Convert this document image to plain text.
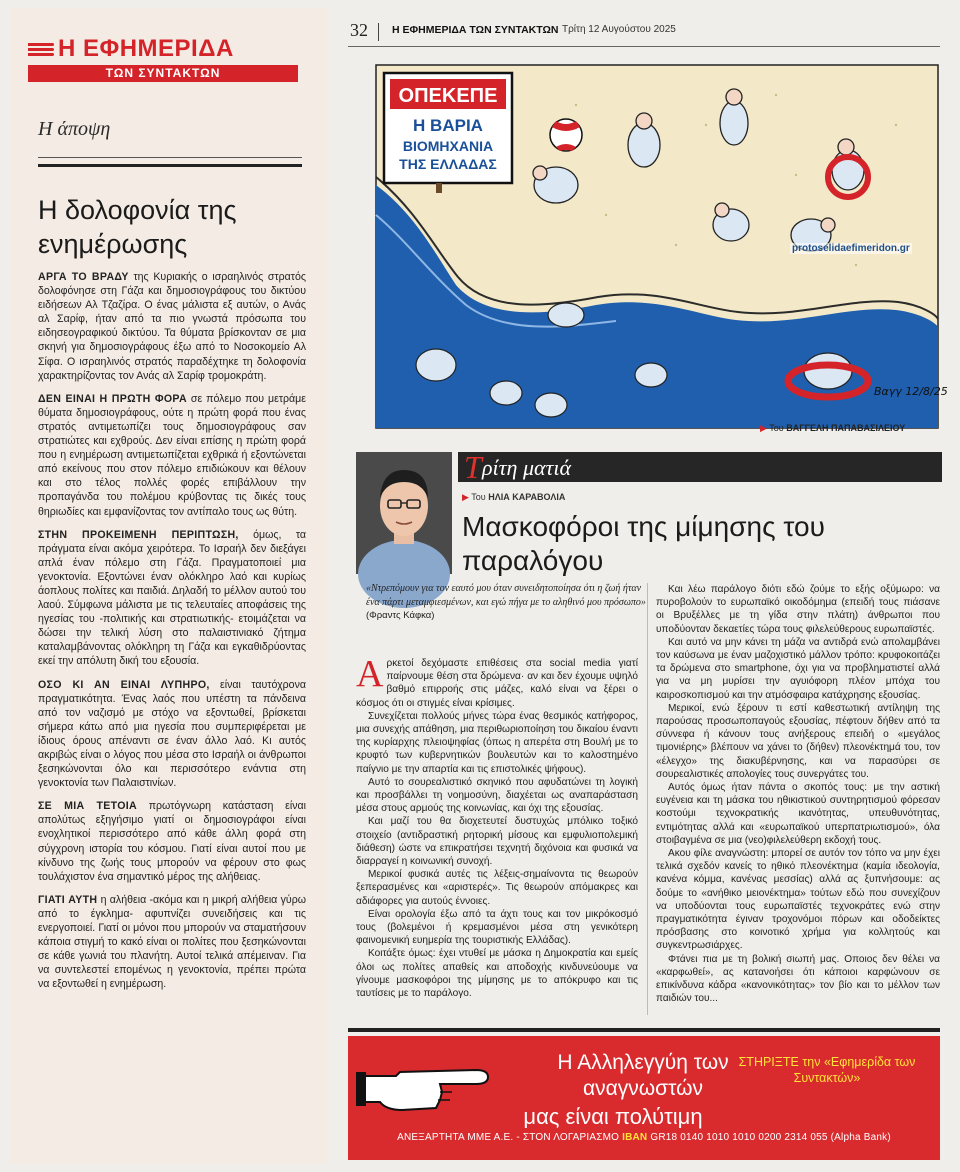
Η ΕΦΗΜΕΡΙΔΑ
ΤΩΝ ΣΥΝΤΑΚΤΩΝ
Η άποψη
Η δολοφονία της ενημέρωσης

ΑΡΓΑ ΤΟ ΒΡΑΔΥ της Κυριακής ο ισραηλινός στρατός δολοφόνησε στη Γάζα και δημοσιογράφους του δικτύου ειδήσεων Αλ Τζαζίρα. Ο ένας μάλιστα εξ αυτών, ο Ανάς αλ Σαρίφ, ήταν από τα πιο γνωστά πρόσωπα του ειδησεογραφικού δικτύου. Τα θύματα βρίσκονταν σε μια σκηνή για δημοσιογράφους έξω από το Νοσοκομείο Αλ Σίφα. Ο ισραηλινός στρατός παραδέχτηκε τη δολοφονία χαρακτηρίζοντας τον Ανάς αλ Σαρίφ τρομοκράτη.

ΔΕΝ ΕΙΝΑΙ Η ΠΡΩΤΗ ΦΟΡΑ σε πόλεμο που μετράμε θύματα δημοσιογράφους, ούτε η πρώτη φορά που ένας στρατός αντιμετωπίζει τους δημοσιογράφους σαν στρατιώτες και εχθρούς. Δεν είναι επίσης η πρώτη φορά που η ενημέρωση αντιμετωπίζεται εχθρικά ή εξοντώνεται από εκείνους που στον πόλεμο επιδιώκουν και θέλουν και στο τέλος πολλές φορές επιβάλλουν την προπαγάνδα του πολέμου κρύβοντας τις δικές τους θηριωδίες και εμφανίζοντας τον αντίπαλο τους ως θύτη.

ΣΤΗΝ ΠΡΟΚΕΙΜΕΝΗ ΠΕΡΙΠΤΩΣΗ, όμως, τα πράγματα είναι ακόμα χειρότερα. Το Ισραήλ δεν διεξάγει απλά έναν πόλεμο στη Γάζα. Πραγματοποιεί μια γενοκτονία. Εξοντώνει έναν ολόκληρο λαό και κυρίως άοπλους πολίτες και παιδιά. Δηλαδή το μέλλον αυτού του λαού. Σύμφωνα μάλιστα με τις τελευταίες αποφάσεις της ηγεσίας του -πολιτικής και στρατιωτικής- ετοιμάζεται να δώσει την τελική λύση στο παλαιστινιακό ζήτημα καταλαμβάνοντας ολόκληρη τη Γάζα και εγκαθιδρύοντας εκεί την απόλυτη δική του εξουσία.

ΟΣΟ ΚΙ ΑΝ ΕΙΝΑΙ ΛΥΠΗΡΟ, είναι ταυτόχρονα πραγματικότητα. Ένας λαός που υπέστη τα πάνδεινα από τον ναζισμό με στόχο να εξοντωθεί, βρίσκεται σήμερα κάτω από μια ηγεσία που συμπεριφέρεται με ίδιους όρους απέναντι σε έναν άλλο λαό. Κι αυτός ακριβώς είναι ο λόγος που μέσα στο Ισραήλ οι άνθρωποι ξεσηκώνονται όλο και περισσότερο ενάντια στη γενοκτονία των Παλαιστινίων.

ΣΕ ΜΙΑ ΤΕΤΟΙΑ πρωτόγνωρη κατάσταση είναι απολύτως εξηγήσιμο γιατί οι δημοσιογράφοι είναι ενοχλητικοί περισσότερο από κάθε άλλη φορά στη σύγχρονη ιστορία του κόσμου. Γιατί είναι αυτοί που με κίνδυνο της ζωής τους μπορούν να φέρουν στο φως τουλάχιστον ένα σημαντικό μέρος της αλήθειας.

ΓΙΑΤΙ ΑΥΤΗ η αλήθεια -ακόμα και η μικρή αλήθεια γύρω από το έγκλημα- αφυπνίζει συνειδήσεις και τις ενεργοποιεί. Γιατί οι μόνοι που μπορούν να σταματήσουν κάποια στιγμή το κακό είναι οι πολίτες που ξεσηκώνονται σε κάθε γωνιά του πλανήτη. Αυτοί τελικά απέμειναν. Για να συντελεστεί επομένως η γενοκτονία, πρέπει πρώτα να εξοντωθεί η ενημέρωση.

32 Η ΕΦΗΜΕΡΙΔΑ ΤΩΝ ΣΥΝΤΑΚΤΩΝ Τρίτη 12 Αυγούστου 2025
ΟΠΕΚΕΠΕ
Η ΒΑΡΙΑ
ΒΙΟΜΗΧΑΝΙΑ
ΤΗΣ ΕΛΛΑΔΑΣ
Βαγγ 12/8/25
protoselidaefimeridon.gr
▶ Του ΒΑΓΓΕΛΗ ΠΑΠΑΒΑΣΙΛΕΙΟΥ
Τ ρίτη ματιά
▶ Του ΗΛΙΑ ΚΑΡΑΒΟΛΙΑ
Μασκοφόροι της μίμησης του παραλόγου
«Ντρεπόμουν για τον εαυτό μου όταν συνειδητοποίησα ότι η ζωή ήταν ένα πάρτι μεταμφιεσμένων, και εγώ πήγα με το αληθινό μου πρόσωπο»
(Φραντς Κάφκα)

Αρκετοί δεχόμαστε επιθέσεις στα social media γιατί παίρνουμε θέση στα δρώμενα· αν και δεν έχουμε υψηλό βαθμό επιρροής στις μάζες, καλό είναι να ξέρει ο κόσμος ότι οι στιγμές είναι κρίσιμες.

Συνεχίζεται πολλούς μήνες τώρα ένας θεσμικός κατήφορος, μια συνεχής απάθηση, μια περιθωριοποίηση του δικαίου έναντι της κυρίαρχης πλειοψηφίας (όπως η απερέτα στη Βουλή με το κρυφτό των κυβερνητικών βουλευτών και το καλοστημένο παίγνιο με την απαρτία και τις επιστολικές ψήφους).

Αυτό το σουρεαλιστικό σκηνικό που αφυδατώνει τη λογική και προσβάλλει τη νοημοσύνη, διαχέεται ως αναπαράσταση μέσα στους αρμούς της κοινωνίας, και όχι της εξουσίας.

Και μαζί του θα διοχετευτεί δυστυχώς μπόλικο τοξικό στοιχείο (αντιδραστική ρητορική μίσους και εμφυλιοπολεμική διάθεση) ώστε να επικρατήσει τεχνητή διχόνοια και φυσικά να διαρραγεί η κοινωνική συνοχή.

Μερικοί φυσικά αυτές τις λέξεις-σημαίνοντα τις θεωρούν ξεπερασμένες και «αριστερές». Τις θεωρούν απόμακρες και αδιάφορες για αυτούς έννοιες.

Είναι ορολογία έξω από τα άχτι τους και τον μικρόκοσμό τους (βολεμένοι ή κρεμασμένοι μέσα στη γενικότερη φαινομενική ευημερία της τουριστικής Ελλάδας).

Κοιτάξτε όμως: έχει ντυθεί με μάσκα η Δημοκρατία και εμείς όλοι ως πολίτες απαθείς και αποδοχής κινδυνεύουμε να γίνουμε μασκοφόροι της μίμησης με το απόκρυφο και τις ταυτίσεις με το παράλογο.

Και λέω παράλογο διότι εδώ ζούμε το εξής οξύμωρο: να πυροβολούν το ευρωπαϊκό οικοδόμημα (επειδή τους πιάσανε οι Βρυξέλλες με τη γίδα στην πλάτη) άνθρωποι που υποδύονταν δεκαετίες τώρα τους φιλελεύθερους ευρωπαϊστές.

Και αυτό να μην κάνει τη μάζα να αντιδρά ενώ απολαμβάνει τον καύσωνα με έναν μαζοχιστικό μάλλον τρόπο: κρυφοκοιτάζει τα δρώμενα στο smartphone, όχι για να προβληματιστεί αλλά για να μη μυρίσει την αγυιόφορη πλέον μπόχα του καιροσκοπισμού και την ατμόσφαιρα κατάχρησης εξουσίας.

Μερικοί, ενώ ξέρουν τι εστί καθεστωτική αντίληψη της παρούσας προσωποπαγούς εξουσίας, πέφτουν δήθεν από τα σύννεφα ή κάνουν τους ανήξερους επειδή ο «μεγάλος τιμονιέρης» βλέπουν να χάνει το (δήθεν) πλεονέκτημά του, τον «έλεγχο» της διακυβέρνησης, και να παρασύρει σε σουρεαλιστικές απολογίες τους συνεργάτες του.

Αυτός όμως ήταν πάντα ο σκοπός τους: με την αστική ευγένεια και τη μάσκα του ηθικιστικού συντηρητισμού φόρεσαν κοστούμι τεχνοκρατικής ικανότητας, υπευθυνότητας, εντιμότητας αλλά και «ευρωπαϊκού υπερπατριωτισμού», όλα στοιβαγμένα σε μια (νεο)φιλελεύθερη εκδοχή τους.

Ακου φίλε αναγνώστη: μπορεί σε αυτόν τον τόπο να μην έχει τελικά σχεδόν κανείς το ηθικό πλεονέκτημα (καμία ιδεολογία, κανένα κόμμα, κανένας μεσσίας) αλλά ας ξυπνήσουμε: ας δούμε το «ανήθικο μειονέκτημα» τούτων εδώ που συνεχίζουν να υποδύονται τους ευρωπαϊστές τεχνοκράτες ενώ στην πραγματικότητα έγιναν τροχονόμοι πόρων και οδοδείκτες πρόσβασης στο κοινοτικό χρήμα για κολλητούς και συγκεντρωσιάρχες.

Φτάνει πια με τη βολική σιωπή μας. Οποιος δεν θέλει να «καρφωθεί», ας κατανοήσει ότι κάποιοι καρφώνουν σε επικίνδυνα κάδρα «κανονικότητας» τον βίο και το μέλλον των παιδιών του...

Η Αλληλεγγύη των αναγνωστών
μας είναι πολύτιμη
ΣΤΗΡΙΞΤΕ την «Εφημερίδα των Συντακτών»
ΑΝΕΞΑΡΤΗΤΑ ΜΜΕ Α.Ε. - ΣΤΟΝ ΛΟΓΑΡΙΑΣΜΟ IBAN GR18 0140 1010 1010 0200 2314 055 (Alpha Bank)
